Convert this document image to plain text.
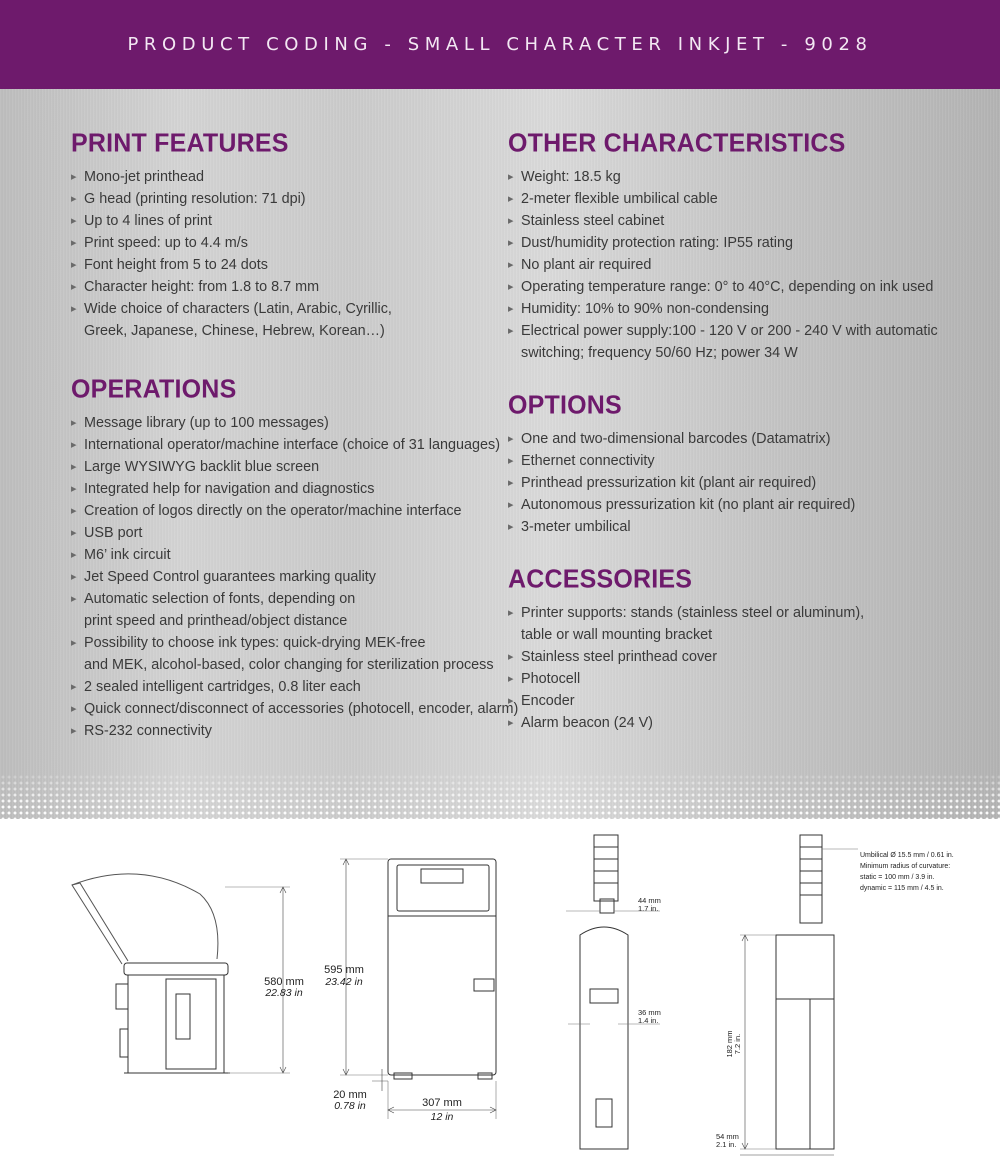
PRODUCT CODING - SMALL CHARACTER INKJET - 9028
PRINT FEATURES
▸ Mono-jet printhead
▸ G head (printing resolution: 71 dpi)
▸ Up to 4 lines of print
▸ Print speed: up to 4.4 m/s
▸ Font height from 5 to 24 dots
▸ Character height: from 1.8 to 8.7 mm
▸ Wide choice of characters (Latin, Arabic, Cyrillic,
Greek, Japanese, Chinese, Hebrew, Korean…)
OPERATIONS
▸ Message library (up to 100 messages)
▸ International operator/machine interface (choice of 31 languages)
▸ Large WYSIWYG backlit blue screen
▸ Integrated help for navigation and diagnostics
▸ Creation of logos directly on the operator/machine interface
▸ USB port
▸ M6’ ink circuit
▸ Jet Speed Control guarantees marking quality
▸ Automatic selection of fonts, depending on
print speed and printhead/object distance
▸ Possibility to choose ink types: quick-drying MEK-free
and MEK, alcohol-based, color changing for sterilization process
▸ 2 sealed intelligent cartridges, 0.8 liter each
▸ Quick connect/disconnect of accessories (photocell, encoder, alarm)
▸ RS-232 connectivity
OTHER CHARACTERISTICS
▸ Weight: 18.5 kg
▸ 2-meter flexible umbilical cable
▸ Stainless steel cabinet
▸ Dust/humidity protection rating: IP55 rating
▸ No plant air required
▸ Operating temperature range: 0° to 40°C, depending on ink used
▸ Humidity: 10% to 90% non-condensing
▸ Electrical power supply:100 - 120 V or 200 - 240 V with automatic
switching; frequency 50/60 Hz; power 34 W
OPTIONS
▸ One and two-dimensional barcodes (Datamatrix)
▸ Ethernet connectivity
▸ Printhead pressurization kit (plant air required)
▸ Autonomous pressurization kit (no plant air required)
▸ 3-meter umbilical
ACCESSORIES
▸ Printer supports: stands (stainless steel or aluminum),
table or wall mounting bracket
▸ Stainless steel printhead cover
▸ Photocell
▸ Encoder
▸ Alarm beacon (24 V)
580 mm
22.83 in
595 mm
23.42 in
20 mm
0.78 in	307 mm
12 in
44 mm
1.7 in.
36 mm
1.4 in.
182 mm 7.2 in.
54 mm
2.1 in.
Umbilical Ø 15.5 mm / 0.61 in.
Minimum radius of curvature:
static = 100 mm / 3.9 in.
dynamic = 115 mm / 4.5 in.
